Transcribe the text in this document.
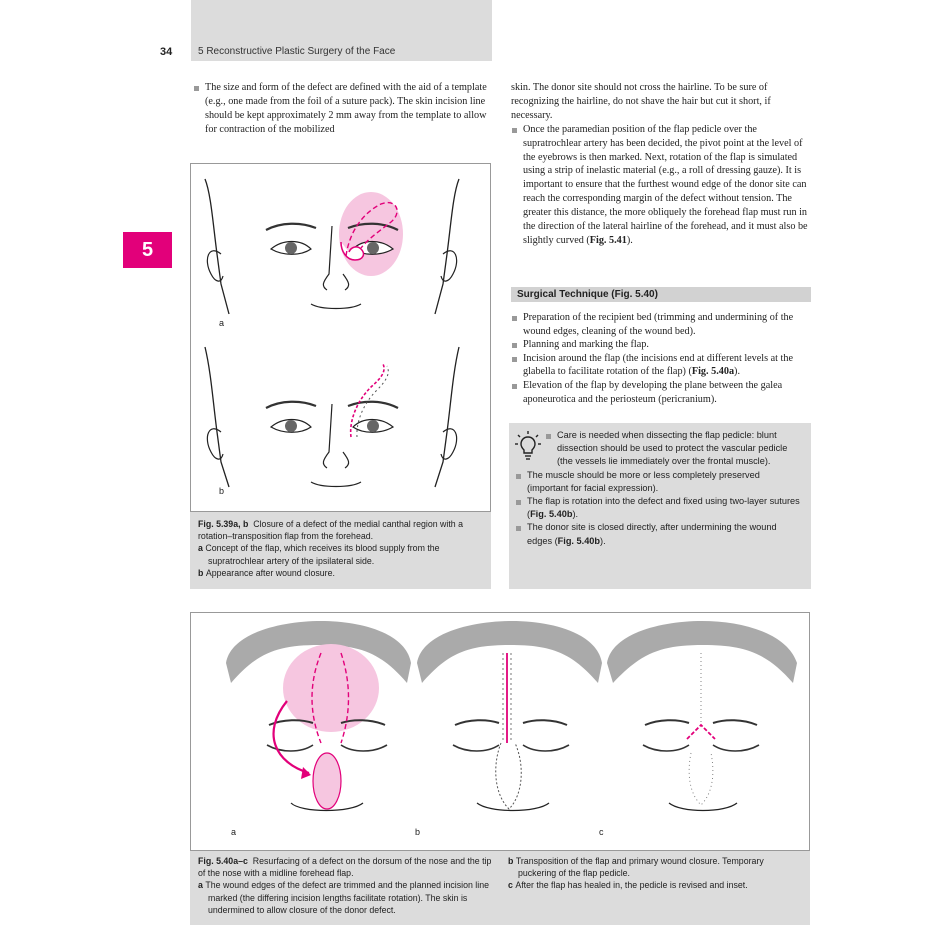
34	5 Reconstructive Plastic Surgery of the Face
5
The size and form of the defect are defined with the aid of a template (e.g., one made from the foil of a suture pack). The skin incision line should be kept approximately 2 mm away from the template to allow for contraction of the mobilized

skin. The donor site should not cross the hairline. To be sure of recognizing the hairline, do not shave the hair but cut it short, if necessary.

Once the paramedian position of the flap pedicle over the supratrochlear artery has been decided, the pivot point at the level of the eyebrows is then marked. Next, rotation of the flap is simulated using a strip of inelastic material (e.g., a roll of dressing gauze). It is important to ensure that the furthest wound edge of the donor site can reach the corresponding margin of the defect without tension. The greater this distance, the more obliquely the forehead flap must run in the direction of the lateral hairline of the forehead, and it must also be slightly curved (Fig. 5.41).
Surgical Technique (Fig. 5.40)
Preparation of the recipient bed (trimming and undermining of the wound edges, cleaning of the wound bed).
Planning and marking the flap.
Incision around the flap (the incisions end at different levels at the glabella to facilitate rotation of the flap) (Fig. 5.40a).
Elevation of the flap by developing the plane between the galea aponeurotica and the periosteum (pericranium).
Care is needed when dissecting the flap pedicle: blunt dissection should be used to protect the vascular pedicle (the vessels lie immediately over the frontal muscle).
The muscle should be more or less completely preserved (important for facial expression).
The flap is rotation into the defect and fixed using two-layer sutures (Fig. 5.40b).
The donor site is closed directly, after undermining the wound edges (Fig. 5.40b).
a
b

Fig. 5.39a, b Closure of a defect of the medial canthal region with a rotation–transposition flap from the forehead.

a Concept of the flap, which receives its blood supply from the supratrochlear artery of the ipsilateral side.

b Appearance after wound closure.

a	b	c

Fig. 5.40a–c Resurfacing of a defect on the dorsum of the nose and the tip of the nose with a midline forehead flap.

a The wound edges of the defect are trimmed and the planned incision line marked (the differing incision lengths facilitate rotation). The skin is undermined to allow closure of the donor defect.

b Transposition of the flap and primary wound closure. Temporary puckering of the flap pedicle.

c After the flap has healed in, the pedicle is revised and inset.
